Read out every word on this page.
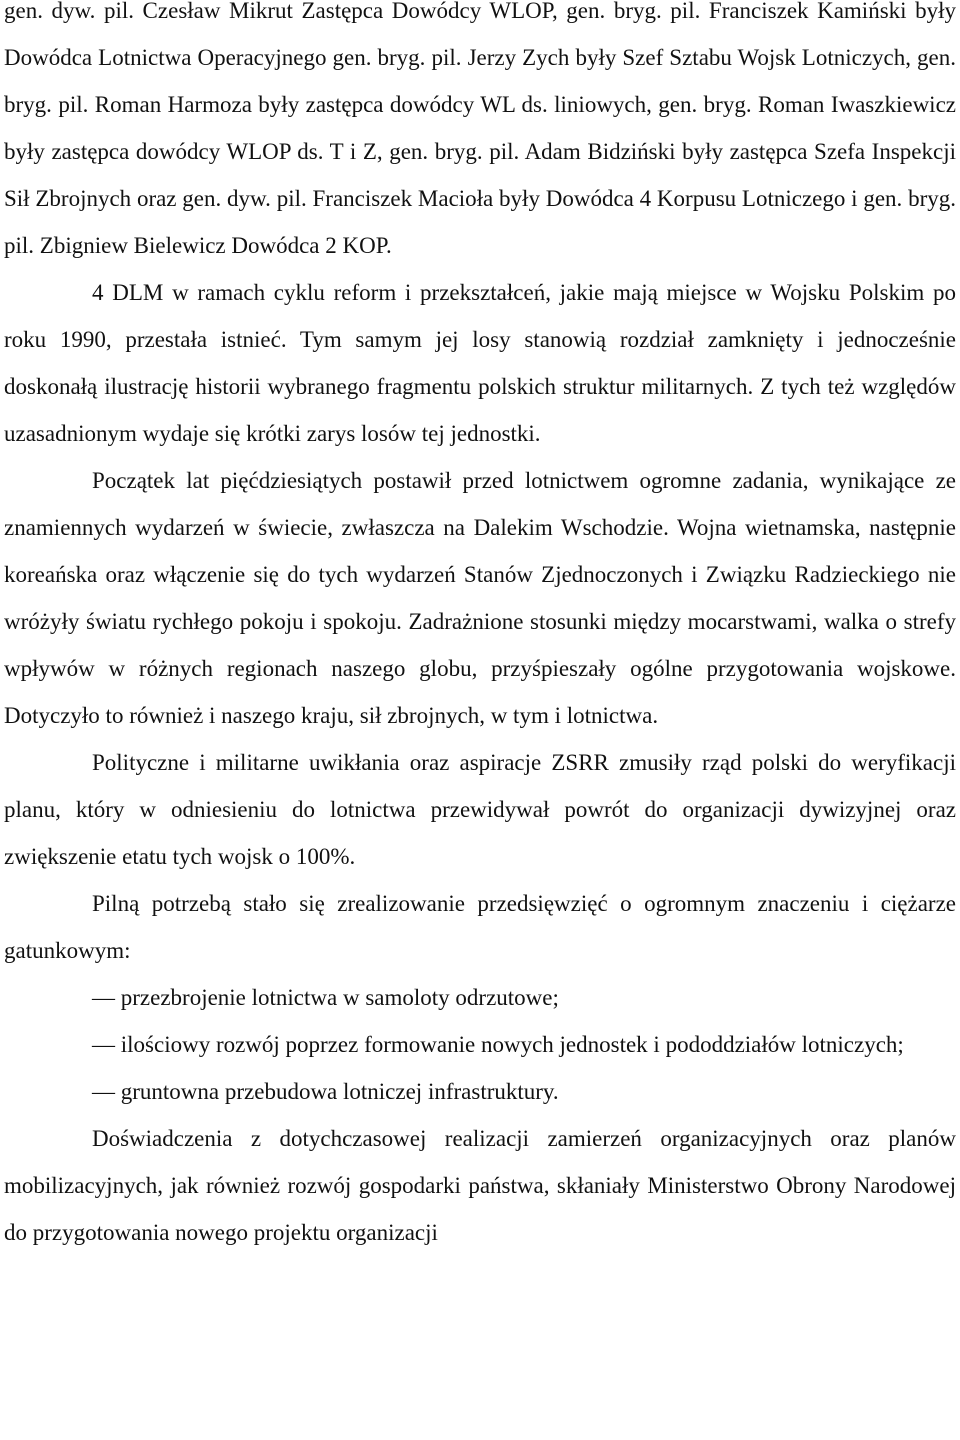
gen. dyw. pil. Czesław Mikrut Zastępca Dowódcy WLOP, gen. bryg. pil. Franciszek Kamiński były Dowódca Lotnictwa Operacyjnego gen. bryg. pil. Jerzy Zych były Szef Sztabu Wojsk Lotniczych, gen. bryg. pil. Roman Harmoza były zastępca dowódcy WL ds. liniowych, gen. bryg. Roman Iwaszkiewicz były zastępca dowódcy WLOP ds. T i Z, gen. bryg. pil. Adam Bidziński były zastępca Szefa Inspekcji Sił Zbrojnych oraz gen. dyw. pil. Franciszek Macioła były Dowódca 4 Korpusu Lotniczego i gen. bryg. pil. Zbigniew Bielewicz Dowódca 2 KOP.

4 DLM w ramach cyklu reform i przekształceń, jakie mają miejsce w Wojsku Polskim po roku 1990, przestała istnieć. Tym samym jej losy stanowią rozdział zamknięty i jednocześnie doskonałą ilustrację historii wybranego fragmentu polskich struktur militarnych. Z tych też względów uzasadnionym wydaje się krótki zarys losów tej jednostki.

Początek lat pięćdziesiątych postawił przed lotnictwem ogromne zadania, wynikające ze znamiennych wydarzeń w świecie, zwłaszcza na Dalekim Wschodzie. Wojna wietnamska, następnie koreańska oraz włączenie się do tych wydarzeń Stanów Zjednoczonych i Związku Radzieckiego nie wróżyły światu rychłego pokoju i spokoju. Zadrażnione stosunki między mocarstwami, walka o strefy wpływów w różnych regionach naszego globu, przyśpieszały ogólne przygotowania wojskowe. Dotyczyło to również i naszego kraju, sił zbrojnych, w tym i lotnictwa.

Polityczne i militarne uwikłania oraz aspiracje ZSRR zmusiły rząd polski do weryfikacji planu, który w odniesieniu do lotnictwa przewidywał powrót do organizacji dywizyjnej oraz zwiększenie etatu tych wojsk o 100%.

Pilną potrzebą stało się zrealizowanie przedsięwzięć o ogromnym znaczeniu i ciężarze gatunkowym:

— przezbrojenie lotnictwa w samoloty odrzutowe;

— ilościowy rozwój poprzez formowanie nowych jednostek i pododdziałów lotniczych;

— gruntowna przebudowa lotniczej infrastruktury.

Doświadczenia z dotychczasowej realizacji zamierzeń organizacyjnych oraz planów mobilizacyjnych, jak również rozwój gospodarki państwa, skłaniały Ministerstwo Obrony Narodowej do przygotowania nowego projektu organizacji
